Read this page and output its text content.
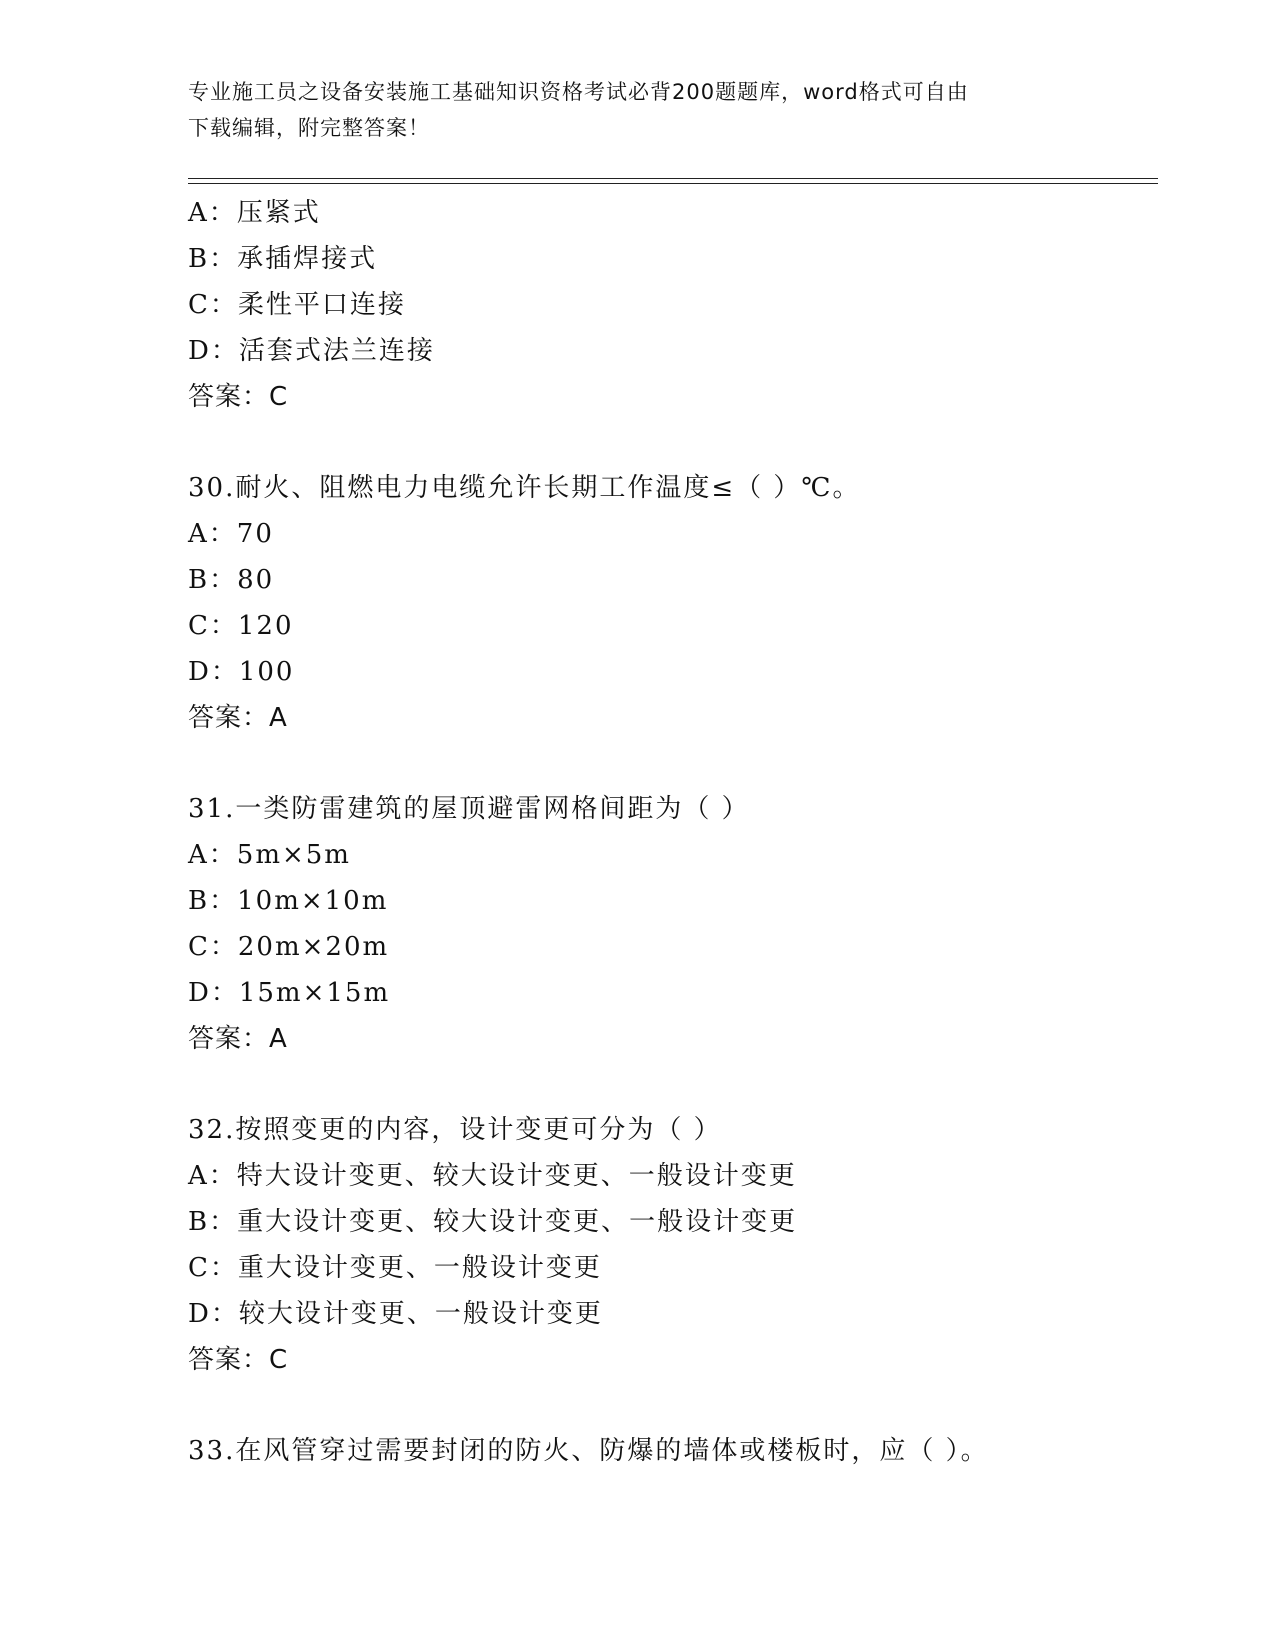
专业施工员之设备安装施工基础知识资格考试必背200题题库，word格式可自由
下载编辑，附完整答案！
A：压紧式
B：承插焊接式
C：柔性平口连接
D：活套式法兰连接
答案：C
30.耐火、阻燃电力电缆允许长期工作温度≤（ ）℃。
A：70
B：80
C：120
D：100
答案：A
31.一类防雷建筑的屋顶避雷网格间距为（ ）
A：5m×5m
B：10m×10m
C：20m×20m
D：15m×15m
答案：A
32.按照变更的内容，设计变更可分为（ ）
A：特大设计变更、较大设计变更、一般设计变更
B：重大设计变更、较大设计变更、一般设计变更
C：重大设计变更、一般设计变更
D：较大设计变更、一般设计变更
答案：C
33.在风管穿过需要封闭的防火、防爆的墙体或楼板时，应（ ）。
